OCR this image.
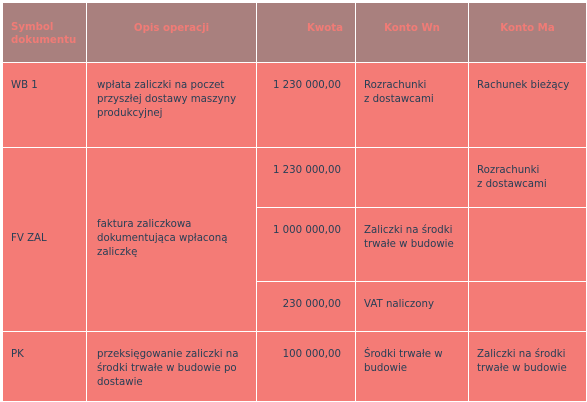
Symbol
dokumentu	Opis operacji	Kwota	Konto Wn	Konto Ma
WB 1	wpłata zaliczki na poczet przyszłej dostawy maszyny produkcyjnej	1 230 000,00	Rozrachunki
z dostawcami	Rachunek bieżący
FV ZAL	faktura zaliczkowa dokumentująca wpłaconą zaliczkę	1 230 000,00		Rozrachunki
z dostawcami
		1 000 000,00	Zaliczki na środki trwałe w budowie	
		230 000,00	VAT naliczony	
PK	przeksięgowanie zaliczki na środki trwałe w budowie po dostawie	100 000,00	Środki trwałe w budowie	Zaliczki na środki trwałe w budowie
